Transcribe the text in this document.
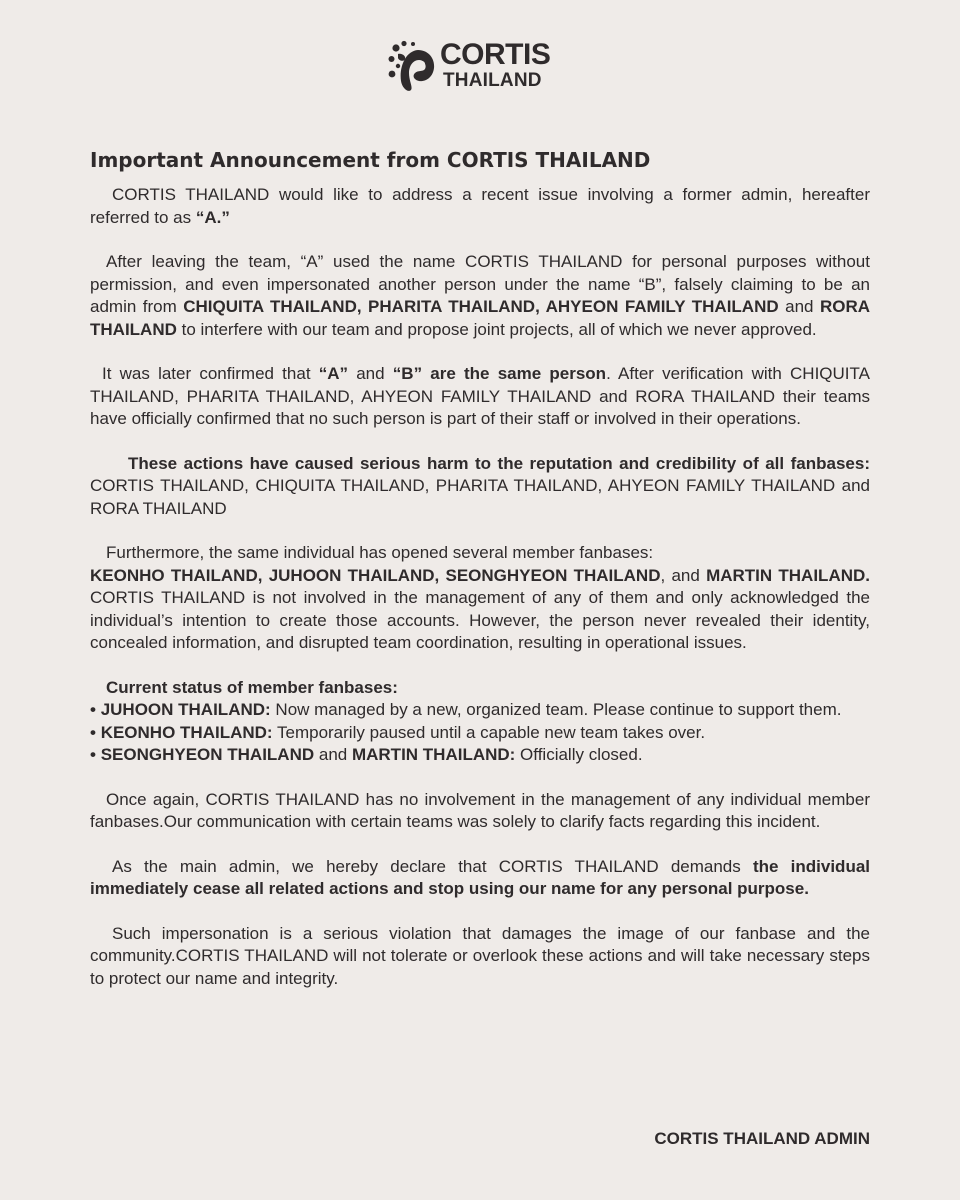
CORTIS
THAILAND
Important Announcement from CORTIS THAILAND

CORTIS THAILAND would like to address a recent issue involving a former admin, hereafter referred to as “A.”

After leaving the team, “A” used the name CORTIS THAILAND for personal purposes without permission, and even impersonated another person under the name “B”, falsely claiming to be an admin from CHIQUITA THAILAND, PHARITA THAILAND, AHYEON FAMILY THAILAND and RORA THAILAND to interfere with our team and propose joint projects, all of which we never approved.

It was later confirmed that “A” and “B” are the same person. After verification with CHIQUITA THAILAND, PHARITA THAILAND, AHYEON FAMILY THAILAND and RORA THAILAND their teams have officially confirmed that no such person is part of their staff or involved in their operations.

These actions have caused serious harm to the reputation and credibility of all fanbases: CORTIS THAILAND, CHIQUITA THAILAND, PHARITA THAILAND, AHYEON FAMILY THAILAND and RORA THAILAND

Furthermore, the same individual has opened several member fanbases:

KEONHO THAILAND, JUHOON THAILAND, SEONGHYEON THAILAND, and MARTIN THAILAND. CORTIS THAILAND is not involved in the management of any of them and only acknowledged the individual’s intention to create those accounts. However, the person never revealed their identity, concealed information, and disrupted team coordination, resulting in operational issues.

Current status of member fanbases:

• JUHOON THAILAND: Now managed by a new, organized team. Please continue to support them.

• KEONHO THAILAND: Temporarily paused until a capable new team takes over.

• SEONGHYEON THAILAND and MARTIN THAILAND: Officially closed.

Once again, CORTIS THAILAND has no involvement in the management of any individual member fanbases.Our communication with certain teams was solely to clarify facts regarding this incident.

As the main admin, we hereby declare that CORTIS THAILAND demands the individual immediately cease all related actions and stop using our name for any personal purpose.

Such impersonation is a serious violation that damages the image of our fanbase and the community.CORTIS THAILAND will not tolerate or overlook these actions and will take necessary steps to protect our name and integrity.

CORTIS THAILAND ADMIN
